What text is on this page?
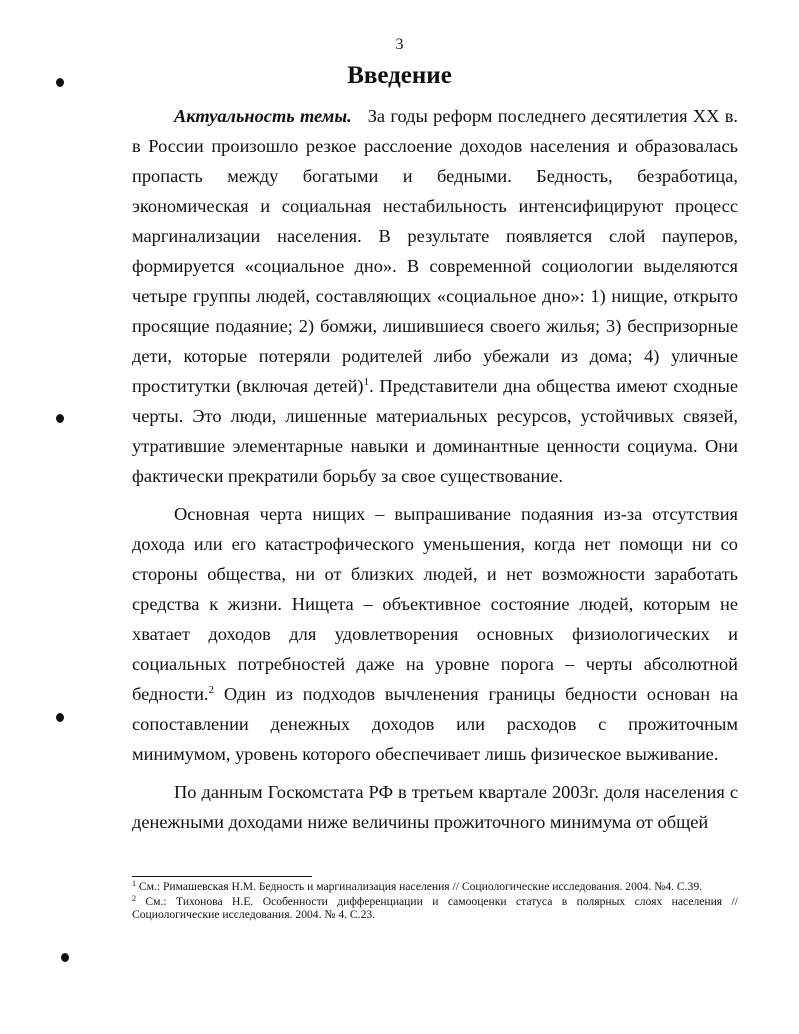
3
Введение

Актуальность темы. За годы реформ последнего десятилетия XX в. в России произошло резкое расслоение доходов населения и образовалась пропасть между богатыми и бедными. Бедность, безработица, экономическая и социальная нестабильность интенсифицируют процесс маргинализации населения. В результате появляется слой пауперов, формируется «социальное дно». В современной социологии выделяются четыре группы людей, составляющих «социальное дно»: 1) нищие, открыто просящие подаяние; 2) бомжи, лишившиеся своего жилья; 3) беспризорные дети, которые потеряли родителей либо убежали из дома; 4) уличные проститутки (включая детей)$^1$. Представители дна общества имеют сходные черты. Это люди, лишенные материальных ресурсов, устойчивых связей, утратившие элементарные навыки и доминантные ценности социума. Они фактически прекратили борьбу за свое существование.

Основная черта нищих – выпрашивание подаяния из-за отсутствия дохода или его катастрофического уменьшения, когда нет помощи ни со стороны общества, ни от близких людей, и нет возможности заработать средства к жизни. Нищета – объективное состояние людей, которым не хватает доходов для удовлетворения основных физиологических и социальных потребностей даже на уровне порога – черты абсолютной бедности.$^2$ Один из подходов вычленения границы бедности основан на сопоставлении денежных доходов или расходов с прожиточным минимумом, уровень которого обеспечивает лишь физическое выживание.

По данным Госкомстата РФ в третьем квартале 2003г. доля населения с денежными доходами ниже величины прожиточного минимума от общей

$^1$ См.: Римашевская Н.М. Бедность и маргинализация населения // Социологические исследования. 2004. №4. С.39.

$^2$ См.: Тихонова Н.Е. Особенности дифференциации и самооценки статуса в полярных слоях населения // Социологические исследования. 2004. № 4. С.23.
